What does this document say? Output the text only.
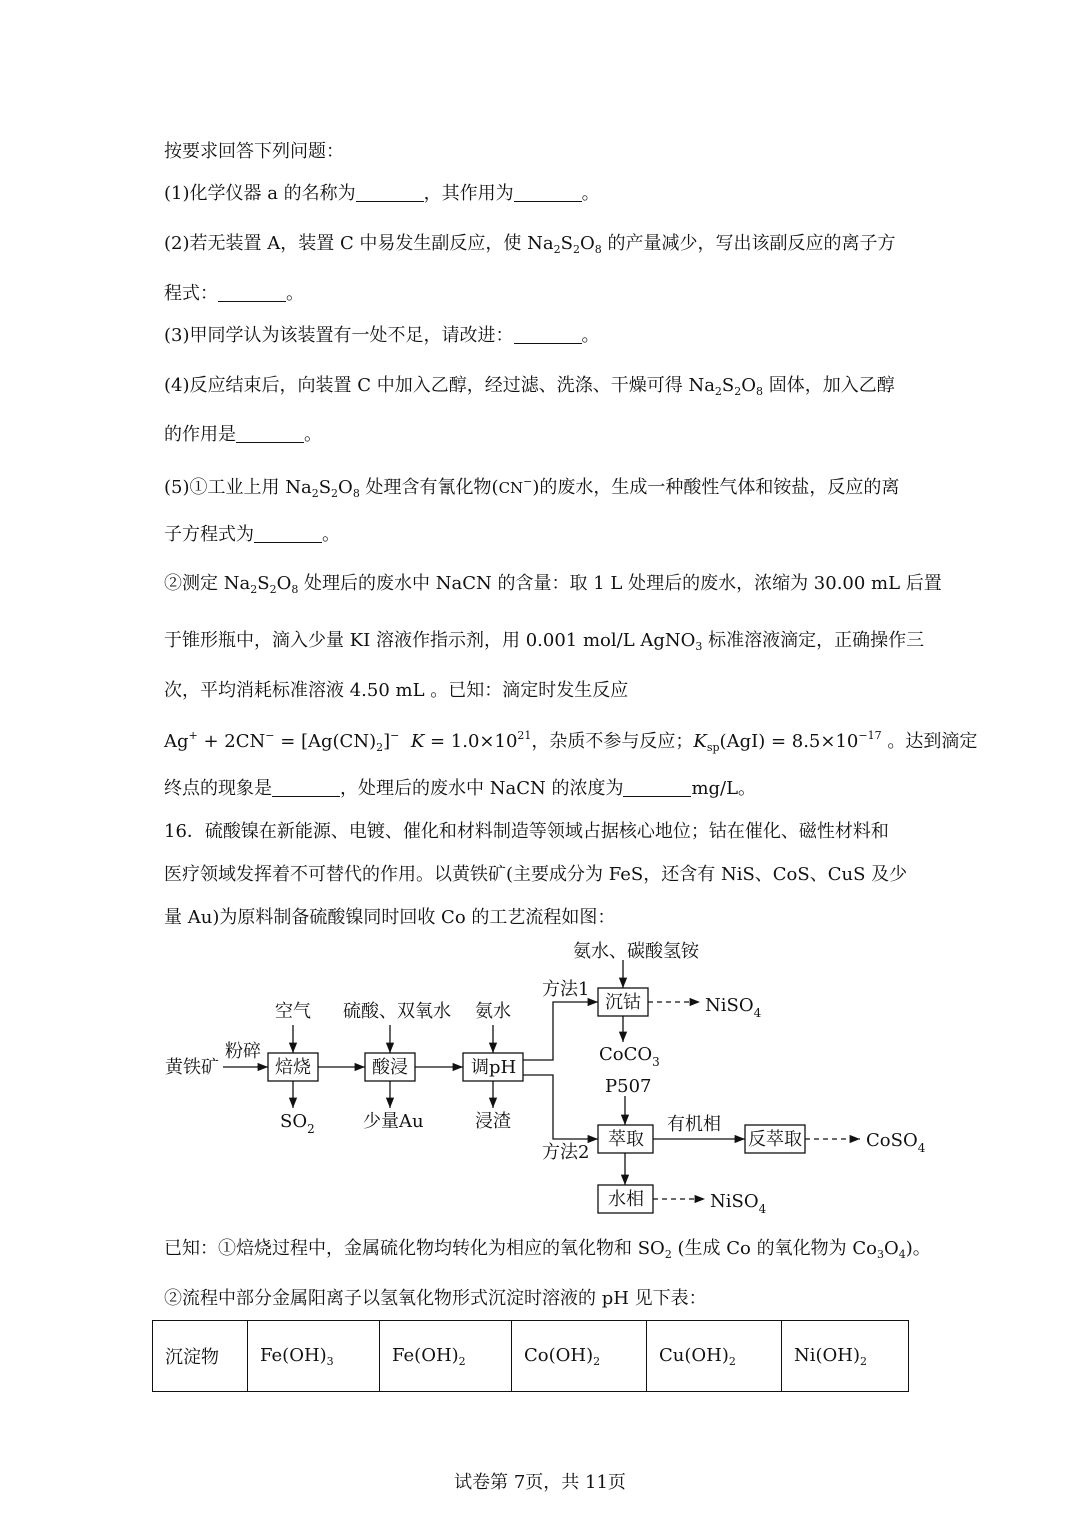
按要求回答下列问题：
(1)化学仪器 a 的名称为	，其作用为	。
(2)若无装置 A，装置 C 中易发生副反应，使 $Na_2S_2O_8$ 的产量减少，写出该副反应的离子方
程式：	。
(3)甲同学认为该装置有一处不足，请改进：	。
(4)反应结束后，向装置 C 中加入乙醇，经过滤、洗涤、干燥可得 $Na_2S_2O_8$ 固体，加入乙醇
的作用是	。
(5)①工业上用 $Na_2S_2O_8$ 处理含有氰化物(CN−)的废水，生成一种酸性气体和铵盐，反应的离
子方程式为	。
②测定 $Na_2S_2O_8$ 处理后的废水中 NaCN 的含量：取 1 L 处理后的废水，浓缩为 30.00 mL 后置
于锥形瓶中，滴入少量 KI 溶液作指示剂，用 0.001 mol/L AgNO$_3$ 标准溶液滴定，正确操作三
次，平均消耗标准溶液 4.50 mL 。已知：滴定时发生反应
$Ag^+ + 2CN^- = [Ag(CN)_2]^-$ $K = 1.0\times 10^{21}$，杂质不参与反应；$K_{sp}(AgI) = 8.5\times 10^{-17}$ 。达到滴定
终点的现象是	，处理后的废水中 NaCN 的浓度为	mg/L。
16．硫酸镍在新能源、电镀、催化和材料制造等领域占据核心地位；钴在催化、磁性材料和
医疗领域发挥着不可替代的作用。以黄铁矿(主要成分为 FeS，还含有 NiS、CoS、CuS 及少
量 Au)为原料制备硫酸镍同时回收 Co 的工艺流程如图：
黄铁矿
粉碎
空气
焙烧
$SO_2$
硫酸、双氧水
酸浸
少量Au
氨水
调pH
浸渣
方法1
方法2
氨水、碳酸氢铵
沉钴	NiSO$_4$
CoCO$_3$
P507
萃取
有机相
反萃取	CoSO$_4$
水相	NiSO$_4$
已知：①焙烧过程中，金属硫化物均转化为相应的氧化物和 $SO_2$ (生成 Co 的氧化物为 $Co_3O_4$)。
②流程中部分金属阳离子以氢氧化物形式沉淀时溶液的 pH 见下表：
沉淀物	$Fe(OH)_3$	$Fe(OH)_2$	$Co(OH)_2$	$Cu(OH)_2$	$Ni(OH)_2$
试卷第 7页，共 11页
